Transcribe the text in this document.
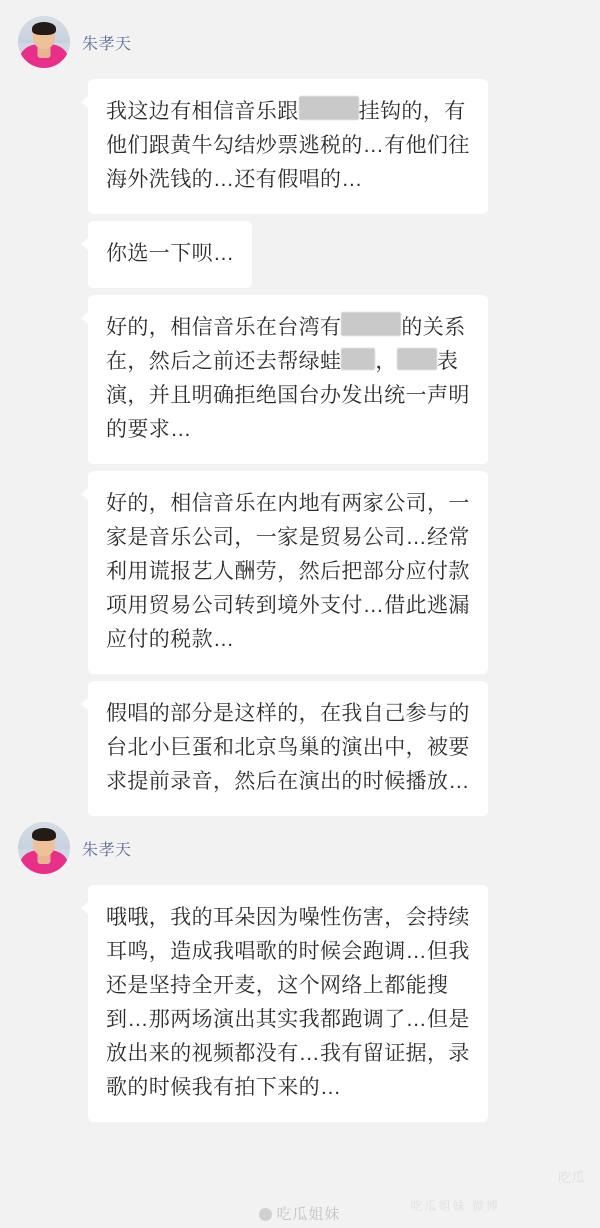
朱孝天
我这边有相信音乐跟	挂钩的，有他们跟黄牛勾结炒票逃税的…有他们往海外洗钱的…还有假唱的…
你选一下呗…
好的，相信音乐在台湾有	的关系在，然后之前还去帮绿蛙 ， 表演，并且明确拒绝国台办发出统一声明的要求…
好的，相信音乐在内地有两家公司，一家是音乐公司，一家是贸易公司…经常利用谎报艺人酬劳，然后把部分应付款项用贸易公司转到境外支付…借此逃漏应付的税款…
假唱的部分是这样的，在我自己参与的台北小巨蛋和北京鸟巢的演出中，被要求提前录音，然后在演出的时候播放…
朱孝天
哦哦，我的耳朵因为噪性伤害，会持续耳鸣，造成我唱歌的时候会跑调…但我还是坚持全开麦，这个网络上都能搜到…那两场演出其实我都跑调了…但是放出来的视频都没有…我有留证据，录歌的时候我有拍下来的…
吃瓜
吃瓜姐妹 微博
吃瓜姐妹
